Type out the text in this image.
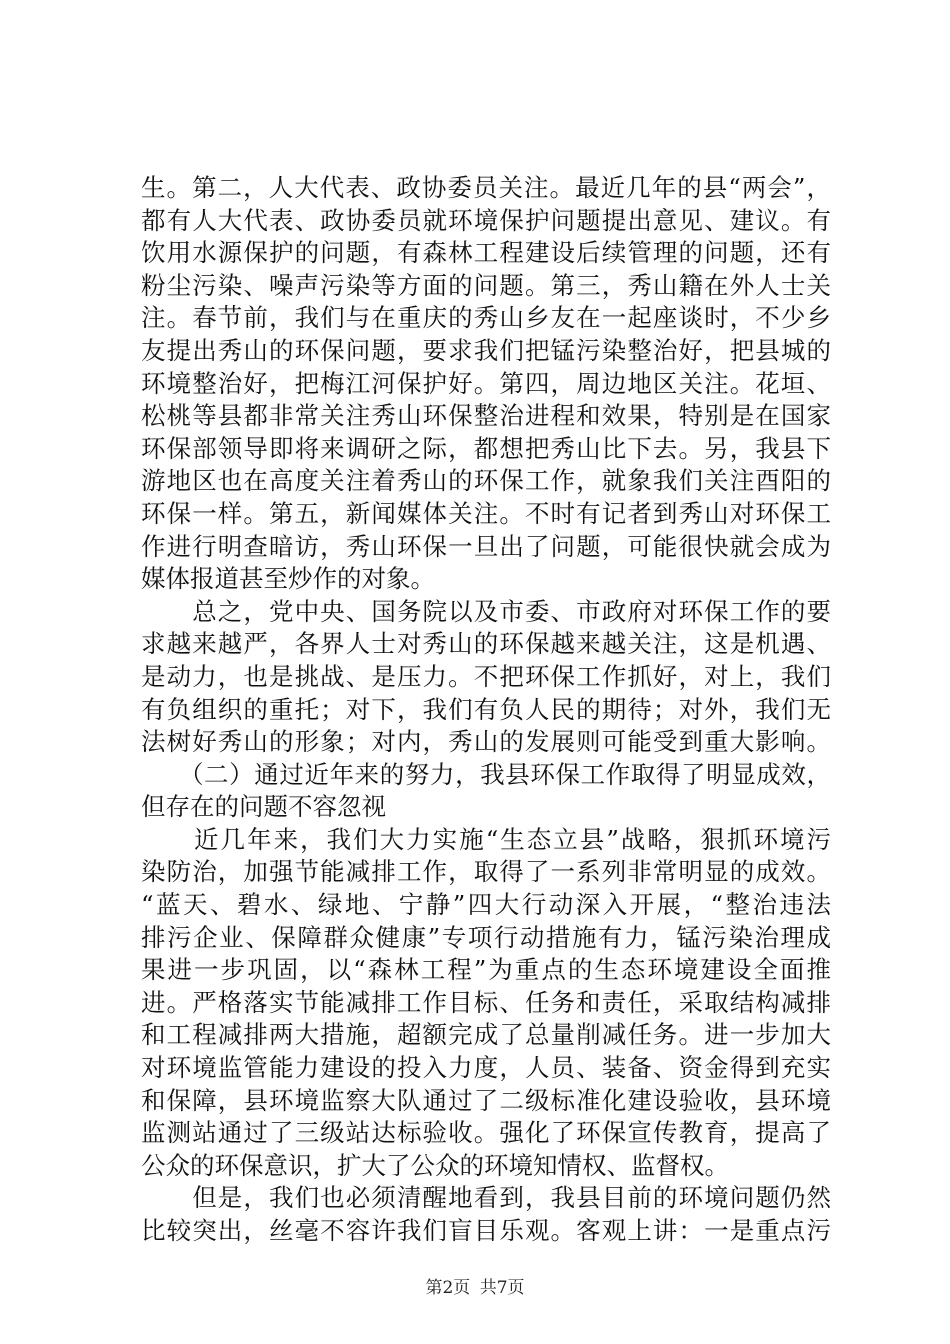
生。第二，人大代表、政协委员关注。最近几年的县“两会”，
都有人大代表、政协委员就环境保护问题提出意见、建议。有
饮用水源保护的问题，有森林工程建设后续管理的问题，还有
粉尘污染、噪声污染等方面的问题。第三，秀山籍在外人士关
注。春节前，我们与在重庆的秀山乡友在一起座谈时，不少乡
友提出秀山的环保问题，要求我们把锰污染整治好，把县城的
环境整治好，把梅江河保护好。第四，周边地区关注。花垣、
松桃等县都非常关注秀山环保整治进程和效果，特别是在国家
环保部领导即将来调研之际，都想把秀山比下去。另，我县下
游地区也在高度关注着秀山的环保工作，就象我们关注酉阳的
环保一样。第五，新闻媒体关注。不时有记者到秀山对环保工
作进行明查暗访，秀山环保一旦出了问题，可能很快就会成为
媒体报道甚至炒作的对象。
　　总之，党中央、国务院以及市委、市政府对环保工作的要
求越来越严，各界人士对秀山的环保越来越关注，这是机遇、
是动力，也是挑战、是压力。不把环保工作抓好，对上，我们
有负组织的重托；对下，我们有负人民的期待；对外，我们无
法树好秀山的形象；对内，秀山的发展则可能受到重大影响。
　　（二）通过近年来的努力，我县环保工作取得了明显成效，
但存在的问题不容忽视
　　近几年来，我们大力实施“生态立县”战略，狠抓环境污
染防治，加强节能减排工作，取得了一系列非常明显的成效。
“蓝天、碧水、绿地、宁静”四大行动深入开展，“整治违法
排污企业、保障群众健康”专项行动措施有力，锰污染治理成
果进一步巩固，以“森林工程”为重点的生态环境建设全面推
进。严格落实节能减排工作目标、任务和责任，采取结构减排
和工程减排两大措施，超额完成了总量削减任务。进一步加大
对环境监管能力建设的投入力度，人员、装备、资金得到充实
和保障，县环境监察大队通过了二级标准化建设验收，县环境
监测站通过了三级站达标验收。强化了环保宣传教育，提高了
公众的环保意识，扩大了公众的环境知情权、监督权。
　　但是，我们也必须清醒地看到，我县目前的环境问题仍然
比较突出，丝毫不容许我们盲目乐观。客观上讲：一是重点污
第2页 共7页
